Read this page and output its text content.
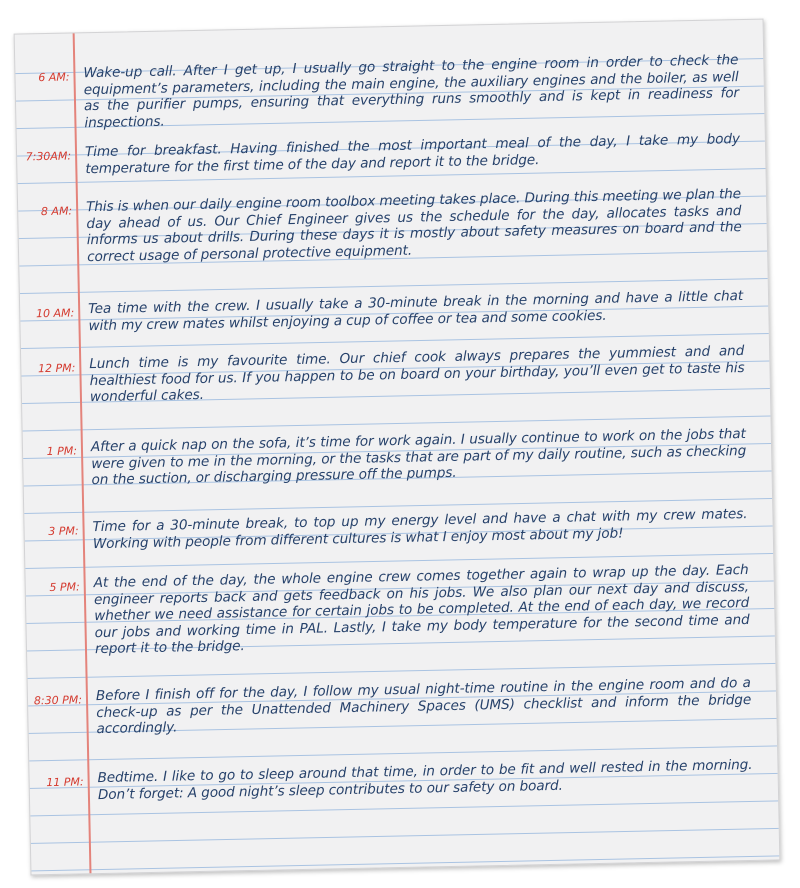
6 AM: Wake-up call. After I get up, I usually go straight to the engine room in order to check the equipment’s parameters, including the main engine, the auxiliary engines and the boiler, as well as the purifier pumps, ensuring that everything runs smoothly and is kept in readiness for inspections.
7:30AM: Time for breakfast. Having finished the most important meal of the day, I take my body temperature for the first time of the day and report it to the bridge.
8 AM: This is when our daily engine room toolbox meeting takes place. During this meeting we plan the day ahead of us. Our Chief Engineer gives us the schedule for the day, allocates tasks and informs us about drills. During these days it is mostly about safety measures on board and the correct usage of personal protective equipment.
10 AM: Tea time with the crew. I usually take a 30-minute break in the morning and have a little chat with my crew mates whilst enjoying a cup of coffee or tea and some cookies.
12 PM: Lunch time is my favourite time. Our chief cook always prepares the yummiest and and healthiest food for us. If you happen to be on board on your birthday, you’ll even get to taste his wonderful cakes.
1 PM: After a quick nap on the sofa, it’s time for work again. I usually continue to work on the jobs that were given to me in the morning, or the tasks that are part of my daily routine, such as checking on the suction, or discharging pressure off the pumps.
3 PM: Time for a 30-minute break, to top up my energy level and have a chat with my crew mates. Working with people from different cultures is what I enjoy most about my job!
5 PM: At the end of the day, the whole engine crew comes together again to wrap up the day. Each engineer reports back and gets feedback on his jobs. We also plan our next day and discuss, whether we need assistance for certain jobs to be completed. At the end of each day, we record our jobs and working time in PAL. Lastly, I take my body temperature for the second time and report it to the bridge.
8:30 PM: Before I finish off for the day, I follow my usual night-time routine in the engine room and do a check-up as per the Unattended Machinery Spaces (UMS) checklist and inform the bridge accordingly.
11 PM: Bedtime. I like to go to sleep around that time, in order to be fit and well rested in the morning. Don’t forget: A good night’s sleep contributes to our safety on board.
